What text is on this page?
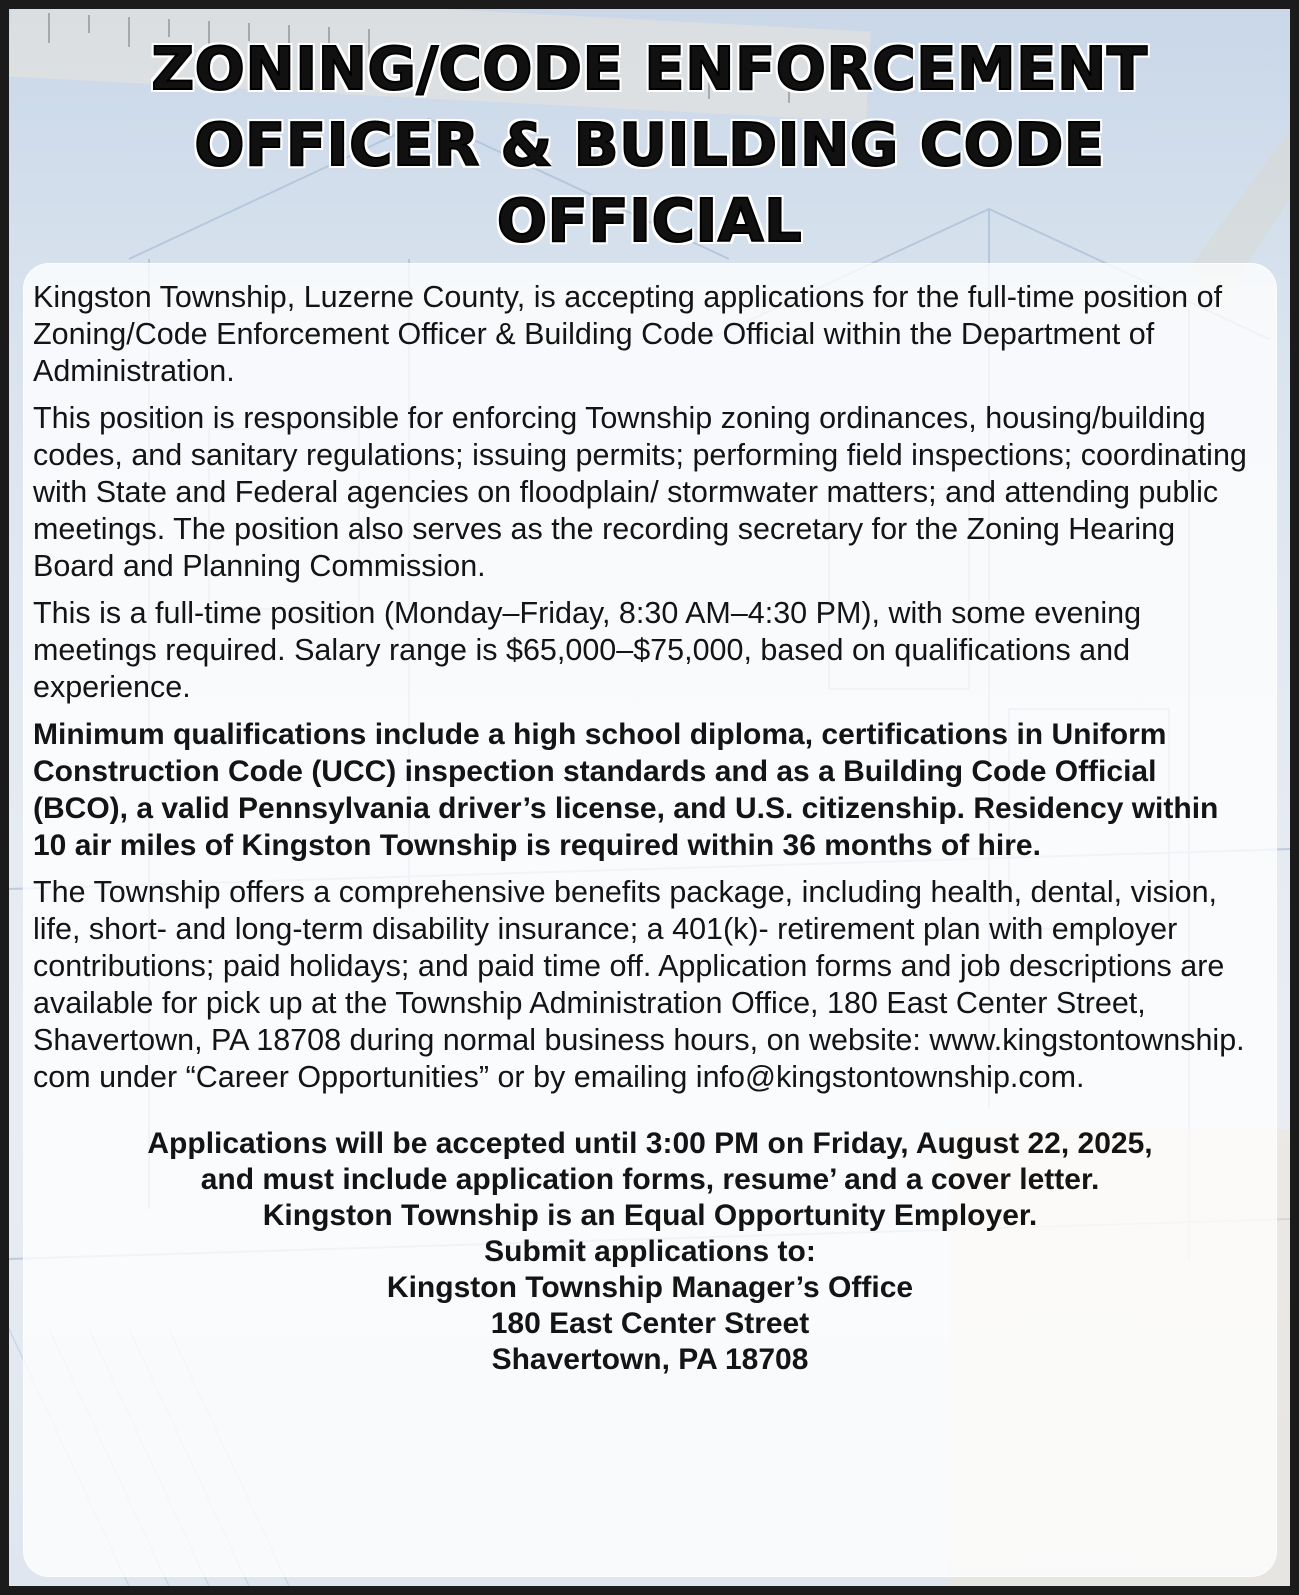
ZONING/CODE ENFORCEMENT
OFFICER & BUILDING CODE
OFFICIAL

Kingston Township, Luzerne County, is accepting applications for the full-time position of Zoning/Code Enforcement Officer & Building Code Official within the Department of Administration.

This position is responsible for enforcing Township zoning ordinances, housing/building codes, and sanitary regulations; issuing permits; performing field inspections; coordinating with State and Federal agencies on floodplain/ stormwater matters; and attending public meetings. The position also serves as the recording secretary for the Zoning Hearing Board and Planning Commission.

This is a full-time position (Monday–Friday, 8:30 AM–4:30 PM), with some evening meetings required. Salary range is $65,000–$75,000, based on qualifications and experience.

Minimum qualifications include a high school diploma, certifications in Uniform Construction Code (UCC) inspection standards and as a Building Code Official (BCO), a valid Pennsylvania driver’s license, and U.S. citizenship. Residency within 10 air miles of Kingston Township is required within 36 months of hire.

The Township offers a comprehensive benefits package, including health, dental, vision, life, short- and long-term disability insurance; a 401(k)- retirement plan with employer contributions; paid holidays; and paid time off. Application forms and job descriptions are available for pick up at the Township Administration Office, 180 East Center Street, Shavertown, PA 18708 during normal business hours, on website: www.kingstontownship. com under “Career Opportunities” or by emailing info@kingstontownship.com.

Applications will be accepted until 3:00 PM on Friday, August 22, 2025,
and must include application forms, resume’ and a cover letter.
Kingston Township is an Equal Opportunity Employer.
Submit applications to:
Kingston Township Manager’s Office
180 East Center Street
Shavertown, PA 18708
